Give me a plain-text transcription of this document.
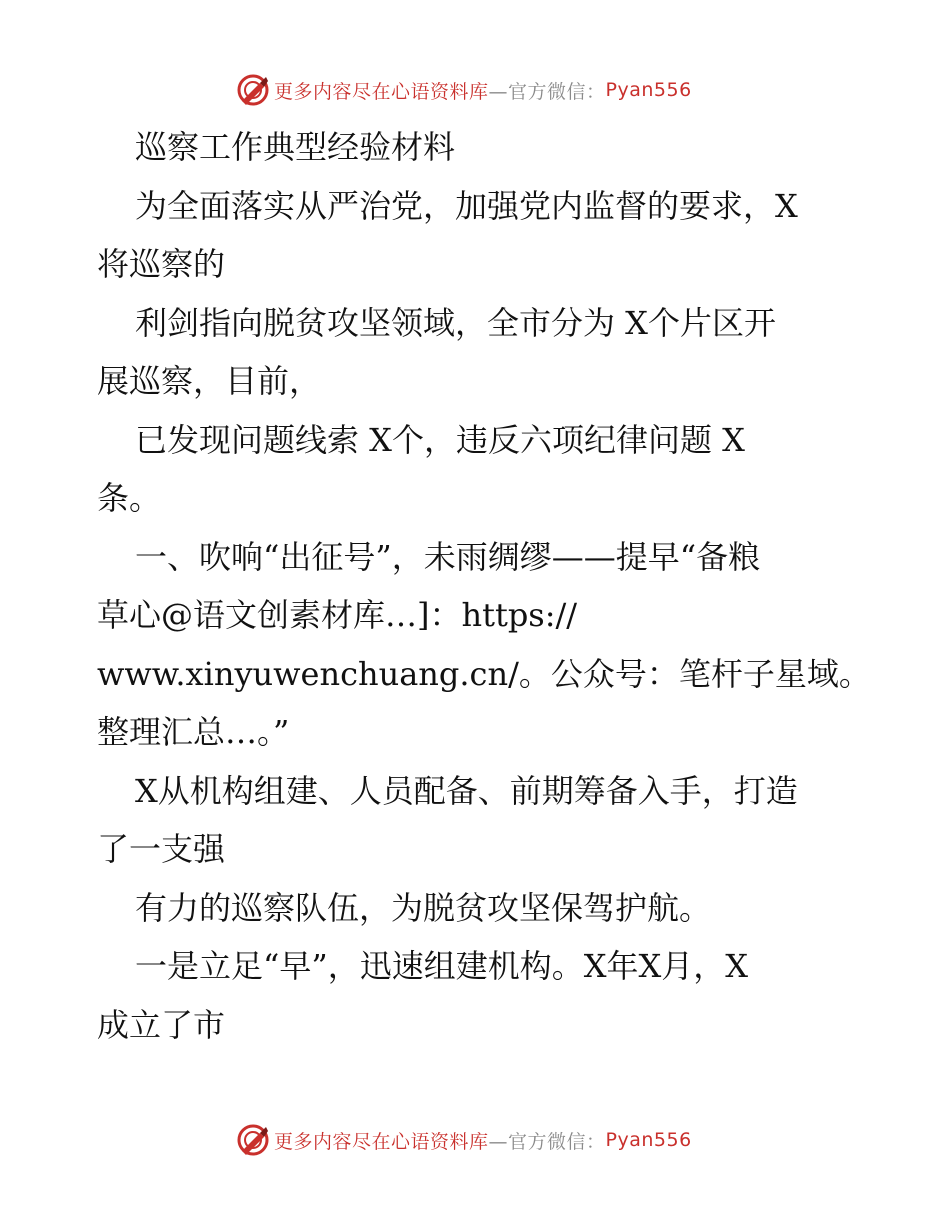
更多内容尽在心语资料库 —官方微信： Pyan556
巡察工作典型经验材料
为全面落实从严治党，加强党内监督的要求，X
将巡察的
利剑指向脱贫攻坚领域，全市分为 X个片区开
展巡察，目前，
已发现问题线索 X个，违反六项纪律问题 X
条。
一、吹响“出征号”，未雨绸缪——提早“备粮
草心@语文创素材库…]：https://
www.xinyuwenchuang.cn/。公众号：笔杆子星域。
整理汇总…。”
X从机构组建、人员配备、前期筹备入手，打造
了一支强
有力的巡察队伍，为脱贫攻坚保驾护航。
一是立足“早”，迅速组建机构。X年X月，X
成立了市
更多内容尽在心语资料库 —官方微信： Pyan556
